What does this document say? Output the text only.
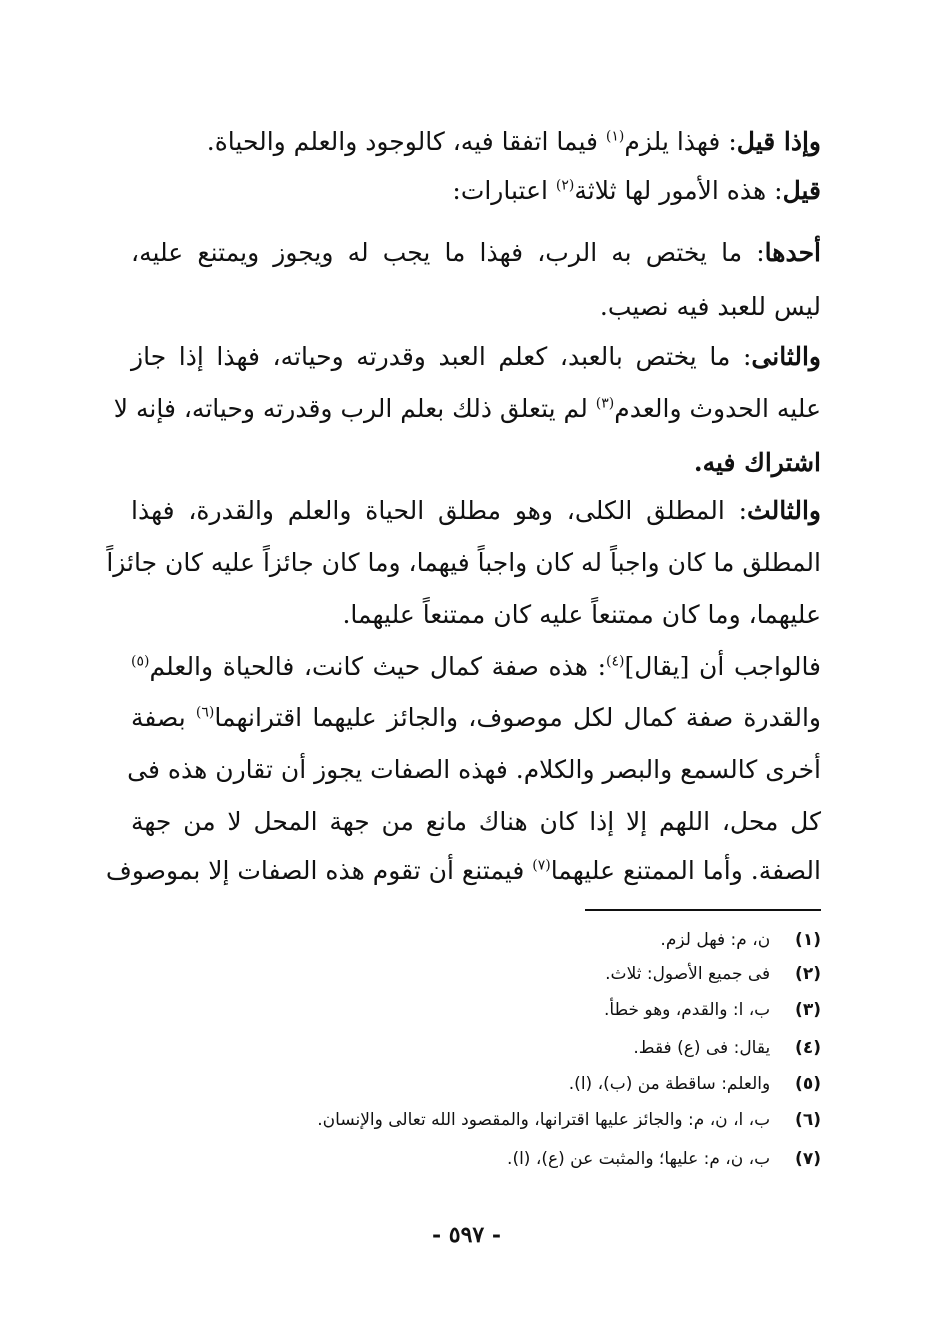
وإذا قيل: فهذا يلزم$^{(١)}$ فيما اتفقا فيه، كالوجود والعلم والحياة.
قيل: هذه الأمور لها ثلاثة$^{(٢)}$ اعتبارات:
أحدها: ما يختص به الرب، فهذا ما يجب له ويجوز ويمتنع عليه،
ليس للعبد فيه نصيب.
والثانى: ما يختص بالعبد، كعلم العبد وقدرته وحياته، فهذا إذا جاز
عليه الحدوث والعدم$^{(٣)}$ لم يتعلق ذلك بعلم الرب وقدرته وحياته، فإنه لا
اشتراك فيه.
والثالث: المطلق الكلى، وهو مطلق الحياة والعلم والقدرة، فهذا
المطلق ما كان واجباً له كان واجباً فيهما، وما كان جائزاً عليه كان جائزاً
عليهما، وما كان ممتنعاً عليه كان ممتنعاً عليهما.
فالواجب أن [يقال]$^{(٤)}$: هذه صفة كمال حيث كانت، فالحياة والعلم$^{(٥)}$
والقدرة صفة كمال لكل موصوف، والجائز عليهما اقترانهما$^{(٦)}$ بصفة
أخرى كالسمع والبصر والكلام. فهذه الصفات يجوز أن تقارن هذه فى
كل محل، اللهم إلا إذا كان هناك مانع من جهة المحل لا من جهة
الصفة. وأما الممتنع عليهما$^{(٧)}$ فيمتنع أن تقوم هذه الصفات إلا بموصوف
(١)  ن، م: فهل لزم.
(٢)  فى جميع الأصول: ثلاث.
(٣)  ب، ا: والقدم، وهو خطأ.
(٤)  يقال: فى (ع) فقط.
(٥)  والعلم: ساقطة من (ب)، (ا).
(٦)  ب، ا، ن، م: والجائز عليها اقترانها، والمقصود الله تعالى والإنسان.
(٧)  ب، ن، م: عليها؛ والمثبت عن (ع)، (ا).
- ٥٩٧ -
